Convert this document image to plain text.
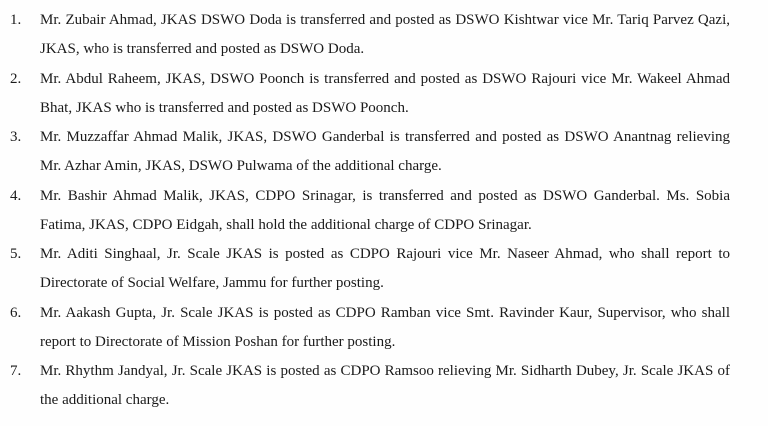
1.	Mr. Zubair Ahmad, JKAS DSWO Doda is transferred and posted as DSWO Kishtwar vice Mr. Tariq Parvez Qazi, JKAS, who is transferred and posted as DSWO Doda.

2.	Mr. Abdul Raheem, JKAS, DSWO Poonch is transferred and posted as DSWO Rajouri vice Mr. Wakeel Ahmad Bhat, JKAS who is transferred and posted as DSWO Poonch.

3.	Mr. Muzzaffar Ahmad Malik, JKAS, DSWO Ganderbal is transferred and posted as DSWO Anantnag relieving Mr. Azhar Amin, JKAS, DSWO Pulwama of the additional charge.

4.	Mr. Bashir Ahmad Malik, JKAS, CDPO Srinagar, is transferred and posted as DSWO Ganderbal. Ms. Sobia Fatima, JKAS, CDPO Eidgah, shall hold the additional charge of CDPO Srinagar.

5.	Mr. Aditi Singhaal, Jr. Scale JKAS is posted as CDPO Rajouri vice Mr. Naseer Ahmad, who shall report to Directorate of Social Welfare, Jammu for further posting.

6.	Mr. Aakash Gupta, Jr. Scale JKAS is posted as CDPO Ramban vice Smt. Ravinder Kaur, Supervisor, who shall report to Directorate of Mission Poshan for further posting.

7.	Mr. Rhythm Jandyal, Jr. Scale JKAS is posted as CDPO Ramsoo relieving Mr. Sidharth Dubey, Jr. Scale JKAS of the additional charge.
